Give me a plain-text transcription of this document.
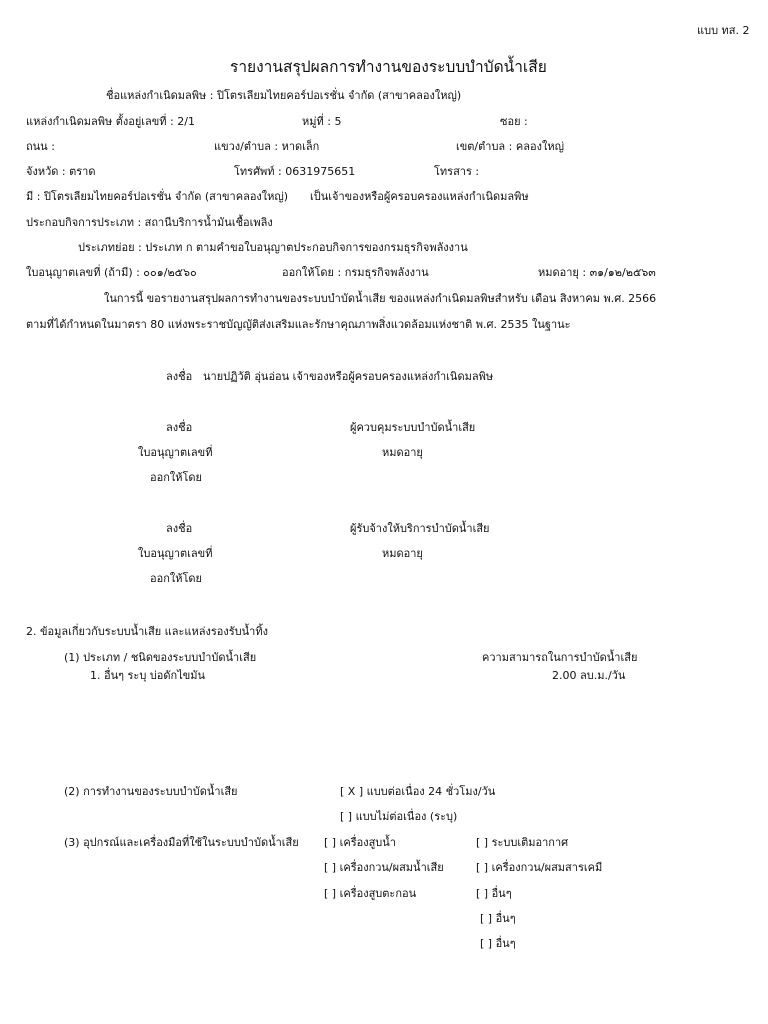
แบบ ทส. 2
รายงานสรุปผลการทำงานของระบบบำบัดน้ำเสีย
ชื่อแหล่งกำเนิดมลพิษ : ปิโตรเลียมไทยคอร์ปอเรชั่น จำกัด (สาขาคลองใหญ่)
แหล่งกำเนิดมลพิษ ตั้งอยู่เลขที่ : 2/1	หมู่ที่ : 5	ซอย :
ถนน :	แขวง/ตำบล : หาดเล็ก	เขต/ตำบล : คลองใหญ่
จังหวัด : ตราด	โทรศัพท์ : 0631975651	โทรสาร :
มี : ปิโตรเลียมไทยคอร์ปอเรชั่น จำกัด (สาขาคลองใหญ่) เป็นเจ้าของหรือผู้ครอบครองแหล่งกำเนิดมลพิษ
ประกอบกิจการประเภท : สถานีบริการน้ำมันเชื้อเพลิง
ประเภทย่อย : ประเภท ก ตามคำขอใบอนุญาตประกอบกิจการของกรมธุรกิจพลังงาน
ใบอนุญาตเลขที่ (ถ้ามี) : ๐๐๑/๒๕๖๐	ออกให้โดย : กรมธุรกิจพลังงาน	หมดอายุ : ๓๑/๑๒/๒๕๖๓
ในการนี้ ขอรายงานสรุปผลการทำงานของระบบบำบัดน้ำเสีย ของแหล่งกำเนิดมลพิษสำหรับ เดือน สิงหาคม พ.ศ. 2566
ตามที่ได้กำหนดในมาตรา 80 แห่งพระราชบัญญัติส่งเสริมและรักษาคุณภาพสิ่งแวดล้อมแห่งชาติ พ.ศ. 2535 ในฐานะ
ลงชื่อ นายปฏิวัติ อุ่นอ่อน เจ้าของหรือผู้ครอบครองแหล่งกำเนิดมลพิษ
ลงชื่อ	ผู้ควบคุมระบบบำบัดน้ำเสีย
ใบอนุญาตเลขที่	หมดอายุ
ออกให้โดย
ลงชื่อ	ผู้รับจ้างให้บริการบำบัดน้ำเสีย
ใบอนุญาตเลขที่	หมดอายุ
ออกให้โดย
2. ข้อมูลเกี่ยวกับระบบน้ำเสีย และแหล่งรองรับน้ำทิ้ง
(1) ประเภท / ชนิดของระบบบำบัดน้ำเสีย	ความสามารถในการบำบัดน้ำเสีย
1. อื่นๆ ระบุ บ่อดักไขมัน	2.00 ลบ.ม./วัน
(2) การทำงานของระบบบำบัดน้ำเสีย	[ X ] แบบต่อเนื่อง 24 ชั่วโมง/วัน
[ ] แบบไม่ต่อเนื่อง (ระบุ)
(3) อุปกรณ์และเครื่องมือที่ใช้ในระบบบำบัดน้ำเสีย [ ] เครื่องสูบน้ำ	[ ] ระบบเติมอากาศ
[ ] เครื่องกวน/ผสมน้ำเสีย	[ ] เครื่องกวน/ผสมสารเคมี
[ ] เครื่องสูบตะกอน	[ ] อื่นๆ
[ ] อื่นๆ
[ ] อื่นๆ
